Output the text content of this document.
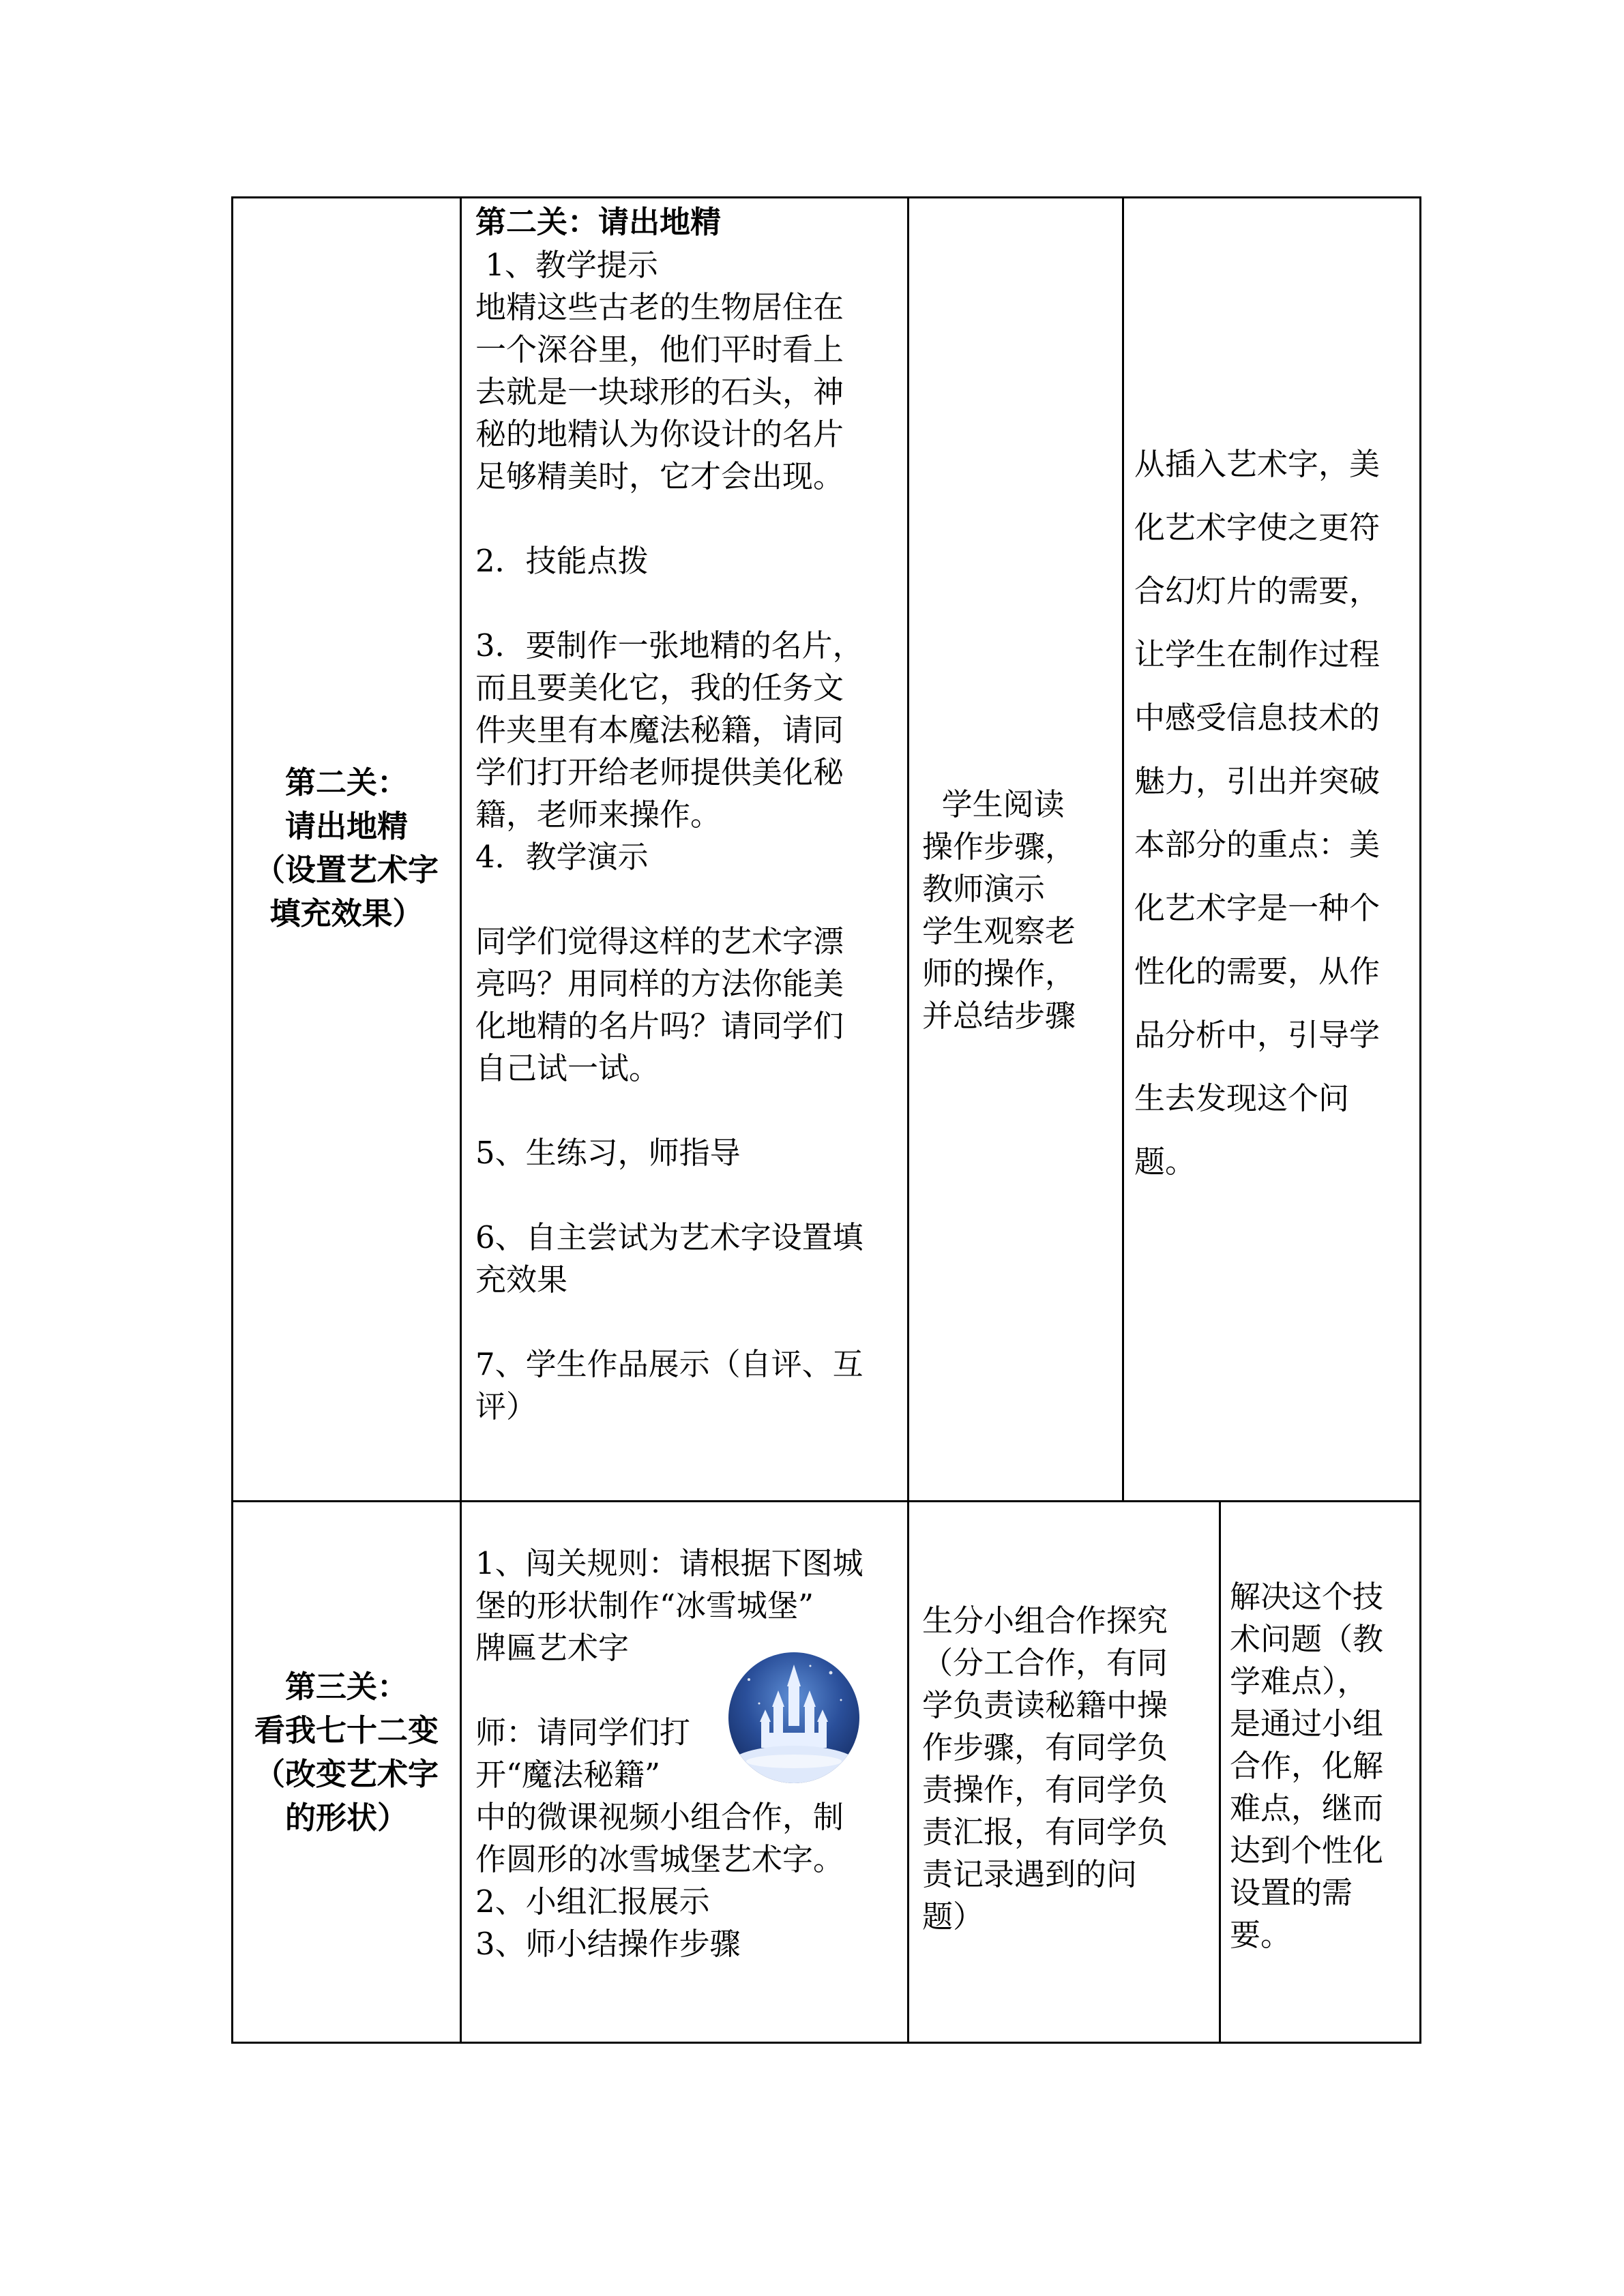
第二关：
请出地精
（设置艺术字
填充效果）
第二关：请出地精
1、教学提示
地精这些古老的生物居住在
一个深谷里，他们平时看上
去就是一块球形的石头，神
秘的地精认为你设计的名片
足够精美时，它才会出现。
2．技能点拨
3．要制作一张地精的名片，
而且要美化它，我的任务文
件夹里有本魔法秘籍，请同
学们打开给老师提供美化秘
籍，老师来操作。
4．教学演示
同学们觉得这样的艺术字漂
亮吗？用同样的方法你能美
化地精的名片吗？请同学们
自己试一试。
5、生练习，师指导
6、自主尝试为艺术字设置填
充效果
7、学生作品展示（自评、互
评）
学生阅读
操作步骤，
教师演示
学生观察老
师的操作，
并总结步骤
从插入艺术字，美
化艺术字使之更符
合幻灯片的需要，
让学生在制作过程
中感受信息技术的
魅力，引出并突破
本部分的重点：美
化艺术字是一种个
性化的需要，从作
品分析中，引导学
生去发现这个问
题。
第三关：
看我七十二变
（改变艺术字
的形状）
1、闯关规则：请根据下图城
堡的形状制作“冰雪城堡”
牌匾艺术字
师：请同学们打
开“魔法秘籍”
中的微课视频小组合作，制
作圆形的冰雪城堡艺术字。
2、小组汇报展示
3、师小结操作步骤
生分小组合作探究
（分工合作，有同
学负责读秘籍中操
作步骤，有同学负
责操作，有同学负
责汇报，有同学负
责记录遇到的问
题）
解决这个技
术问题（教
学难点），
是通过小组
合作，化解
难点，继而
达到个性化
设置的需
要。
